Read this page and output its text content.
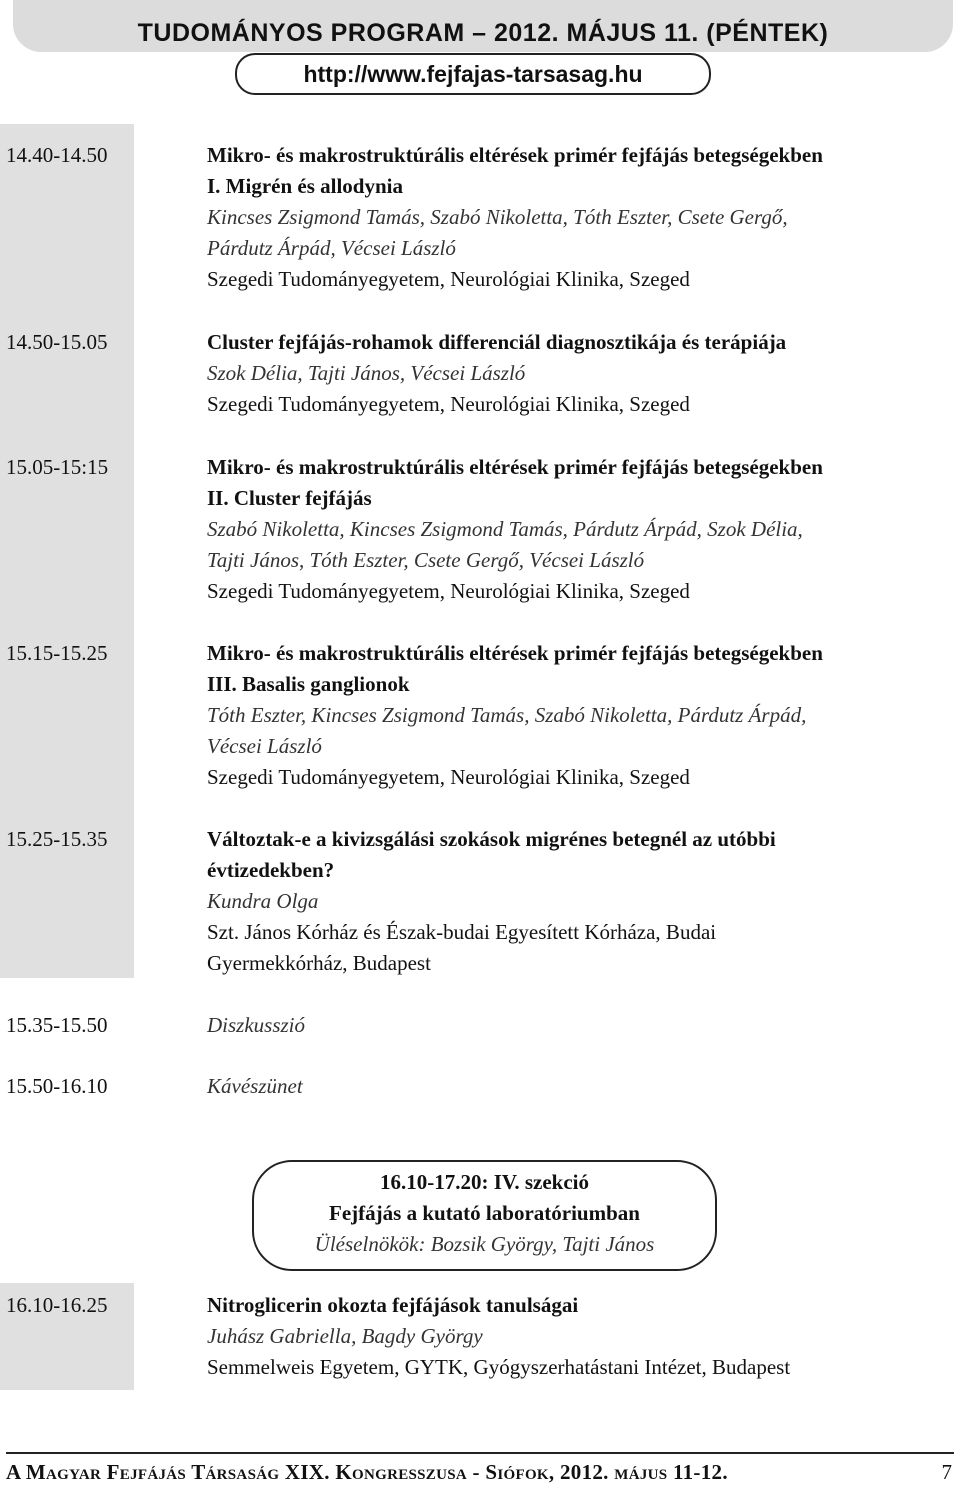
TUDOMÁNYOS PROGRAM – 2012. MÁJUS 11. (PÉNTEK)
http://www.fejfajas-tarsasag.hu
14.40-14.50	Mikro- és makrostruktúrális eltérések primér fejfájás betegségekben
I. Migrén és allodynia
Kincses Zsigmond Tamás, Szabó Nikoletta, Tóth Eszter, Csete Gergő,
Párdutz Árpád, Vécsei László
Szegedi Tudományegyetem, Neurológiai Klinika, Szeged
14.50-15.05	Cluster fejfájás-rohamok differenciál diagnosztikája és terápiája
Szok Délia, Tajti János, Vécsei László
Szegedi Tudományegyetem, Neurológiai Klinika, Szeged
15.05-15:15	Mikro- és makrostruktúrális eltérések primér fejfájás betegségekben
II. Cluster fejfájás
Szabó Nikoletta, Kincses Zsigmond Tamás, Párdutz Árpád, Szok Délia,
Tajti János, Tóth Eszter, Csete Gergő, Vécsei László
Szegedi Tudományegyetem, Neurológiai Klinika, Szeged
15.15-15.25	Mikro- és makrostruktúrális eltérések primér fejfájás betegségekben
III. Basalis ganglionok
Tóth Eszter, Kincses Zsigmond Tamás, Szabó Nikoletta, Párdutz Árpád,
Vécsei László
Szegedi Tudományegyetem, Neurológiai Klinika, Szeged
15.25-15.35	Változtak-e a kivizsgálási szokások migrénes betegnél az utóbbi
évtizedekben?
Kundra Olga
Szt. János Kórház és Észak-budai Egyesített Kórháza, Budai
Gyermekkórház, Budapest
15.35-15.50	Diszkusszió
15.50-16.10	Kávészünet
16.10-16.25	Nitroglicerin okozta fejfájások tanulságai
Juhász Gabriella, Bagdy György
Semmelweis Egyetem, GYTK, Gyógyszerhatástani Intézet, Budapest
16.10-17.20: IV. szekció
Fejfájás a kutató laboratóriumban
Üléselnökök: Bozsik György, Tajti János
A Magyar Fejfájás Társaság XIX. Kongresszusa - Siófok, 2012. május 11-12.	7
